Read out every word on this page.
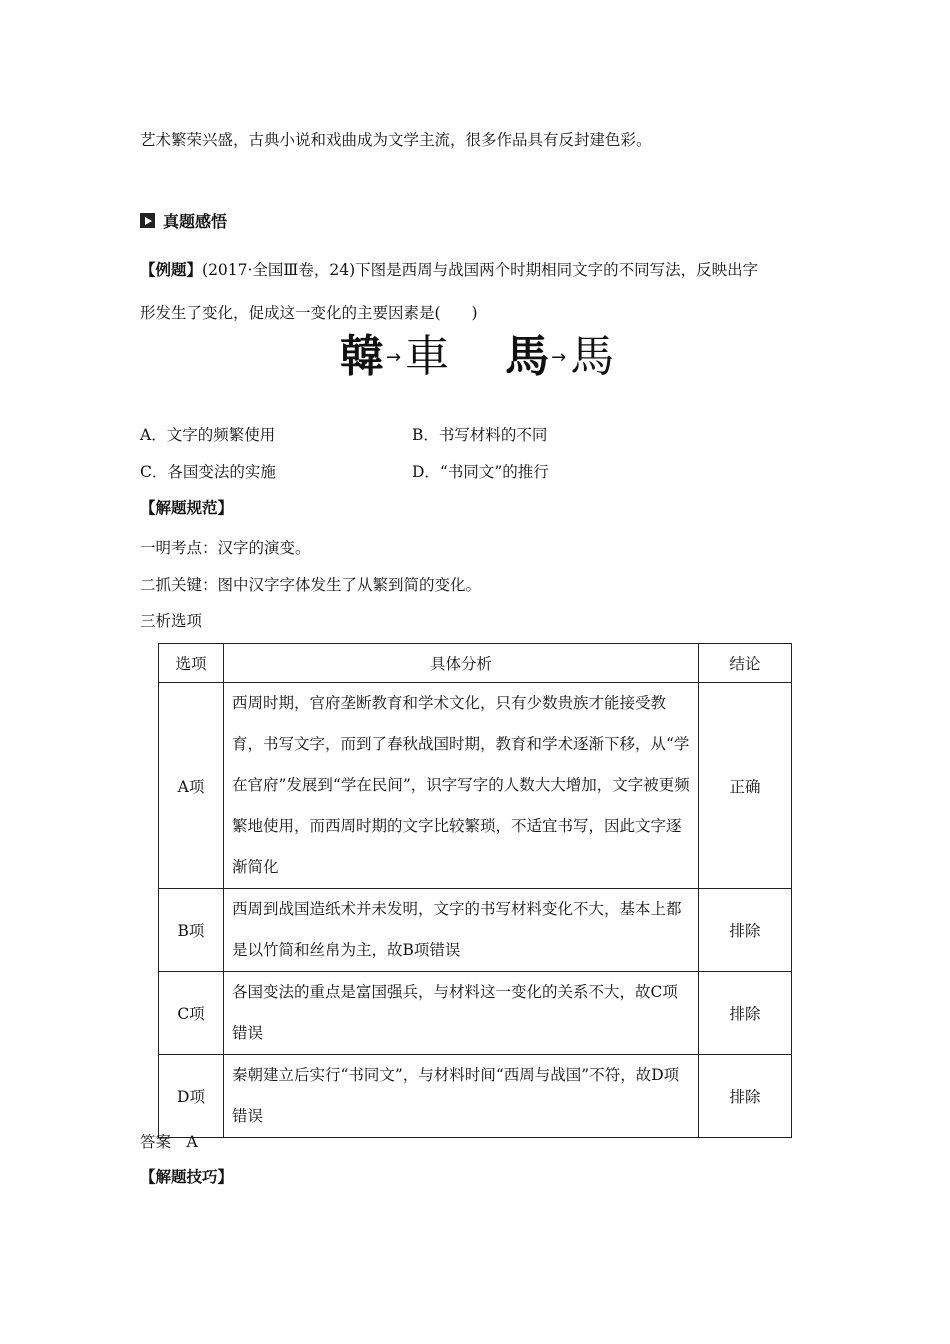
艺术繁荣兴盛，古典小说和戏曲成为文学主流，很多作品具有反封建色彩。
真题感悟
【例题】(2017·全国Ⅲ卷，24)下图是西周与战国两个时期相同文字的不同写法，反映出字
形发生了变化，促成这一变化的主要因素是(　　)
韓 → 車 馬 → 馬
A．文字的频繁使用	B．书写材料的不同
C．各国变法的实施	D．“书同文”的推行
【解题规范】
一明考点：汉字的演变。
二抓关键：图中汉字字体发生了从繁到简的变化。
三析选项
选项	具体分析	结论
A项	西周时期，官府垄断教育和学术文化，只有少数贵族才能接受教育，书写文字，而到了春秋战国时期，教育和学术逐渐下移，从“学在官府”发展到“学在民间”，识字写字的人数大大增加，文字被更频繁地使用，而西周时期的文字比较繁琐，不适宜书写，因此文字逐渐简化	正确
B项	西周到战国造纸术并未发明，文字的书写材料变化不大，基本上都是以竹简和丝帛为主，故B项错误	排除
C项	各国变法的重点是富国强兵，与材料这一变化的关系不大，故C项错误	排除
D项	秦朝建立后实行“书同文”，与材料时间“西周与战国”不符，故D项错误	排除
答案　A
【解题技巧】
